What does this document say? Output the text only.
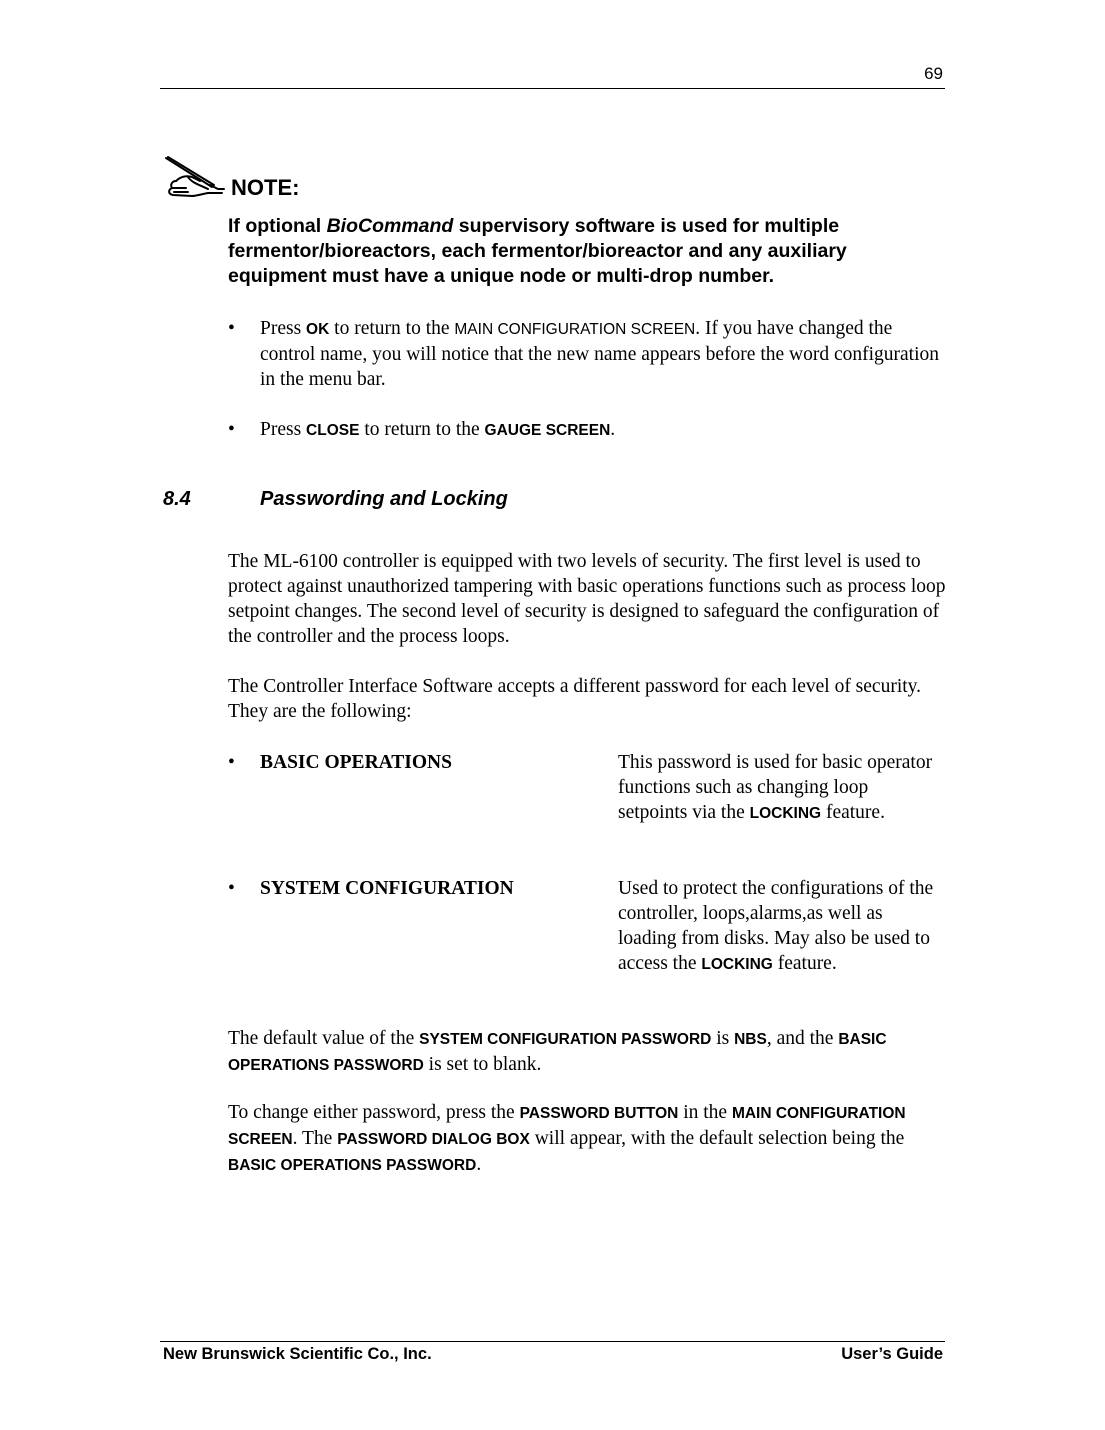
69
NOTE:
If optional BioCommand supervisory software is used for multiple fermentor/bioreactors, each fermentor/bioreactor and any auxiliary equipment must have a unique node or multi-drop number.
•	Press OK to return to the MAIN CONFIGURATION SCREEN. If you have changed the control name, you will notice that the new name appears before the word configuration in the menu bar.
•	Press CLOSE to return to the GAUGE SCREEN.
8.4	Passwording and Locking
The ML-6100 controller is equipped with two levels of security. The first level is used to protect against unauthorized tampering with basic operations functions such as process loop setpoint changes. The second level of security is designed to safeguard the configuration of the controller and the process loops.
The Controller Interface Software accepts a different password for each level of security. They are the following:
•	BASIC OPERATIONS	This password is used for basic operator functions such as changing loop setpoints via the LOCKING feature.
•	SYSTEM CONFIGURATION	Used to protect the configurations of the controller, loops,alarms,as well as loading from disks. May also be used to access the LOCKING feature.
The default value of the SYSTEM CONFIGURATION PASSWORD is NBS, and the BASIC OPERATIONS PASSWORD is set to blank.
To change either password, press the PASSWORD BUTTON in the MAIN CONFIGURATION SCREEN. The PASSWORD DIALOG BOX will appear, with the default selection being the BASIC OPERATIONS PASSWORD.
New Brunswick Scientific Co., Inc.	User’s Guide
